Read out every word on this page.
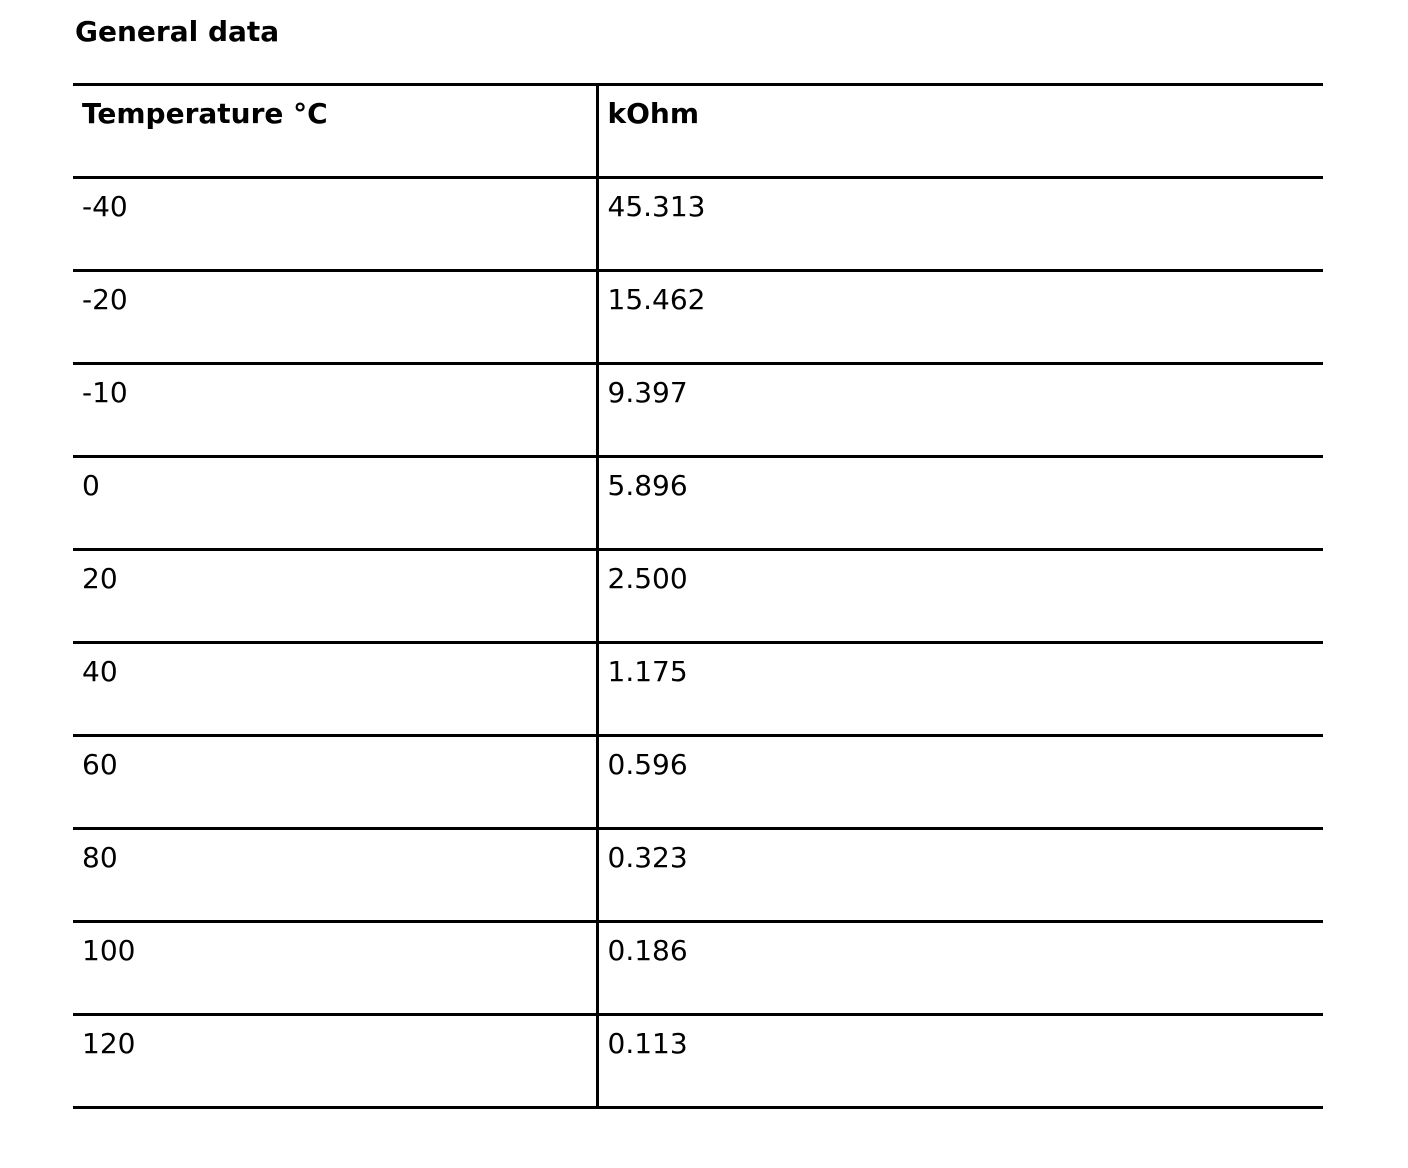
General data
Temperature °C	kOhm
-40	45.313
-20	15.462
-10	9.397
0	5.896
20	2.500
40	1.175
60	0.596
80	0.323
100	0.186
120	0.113
